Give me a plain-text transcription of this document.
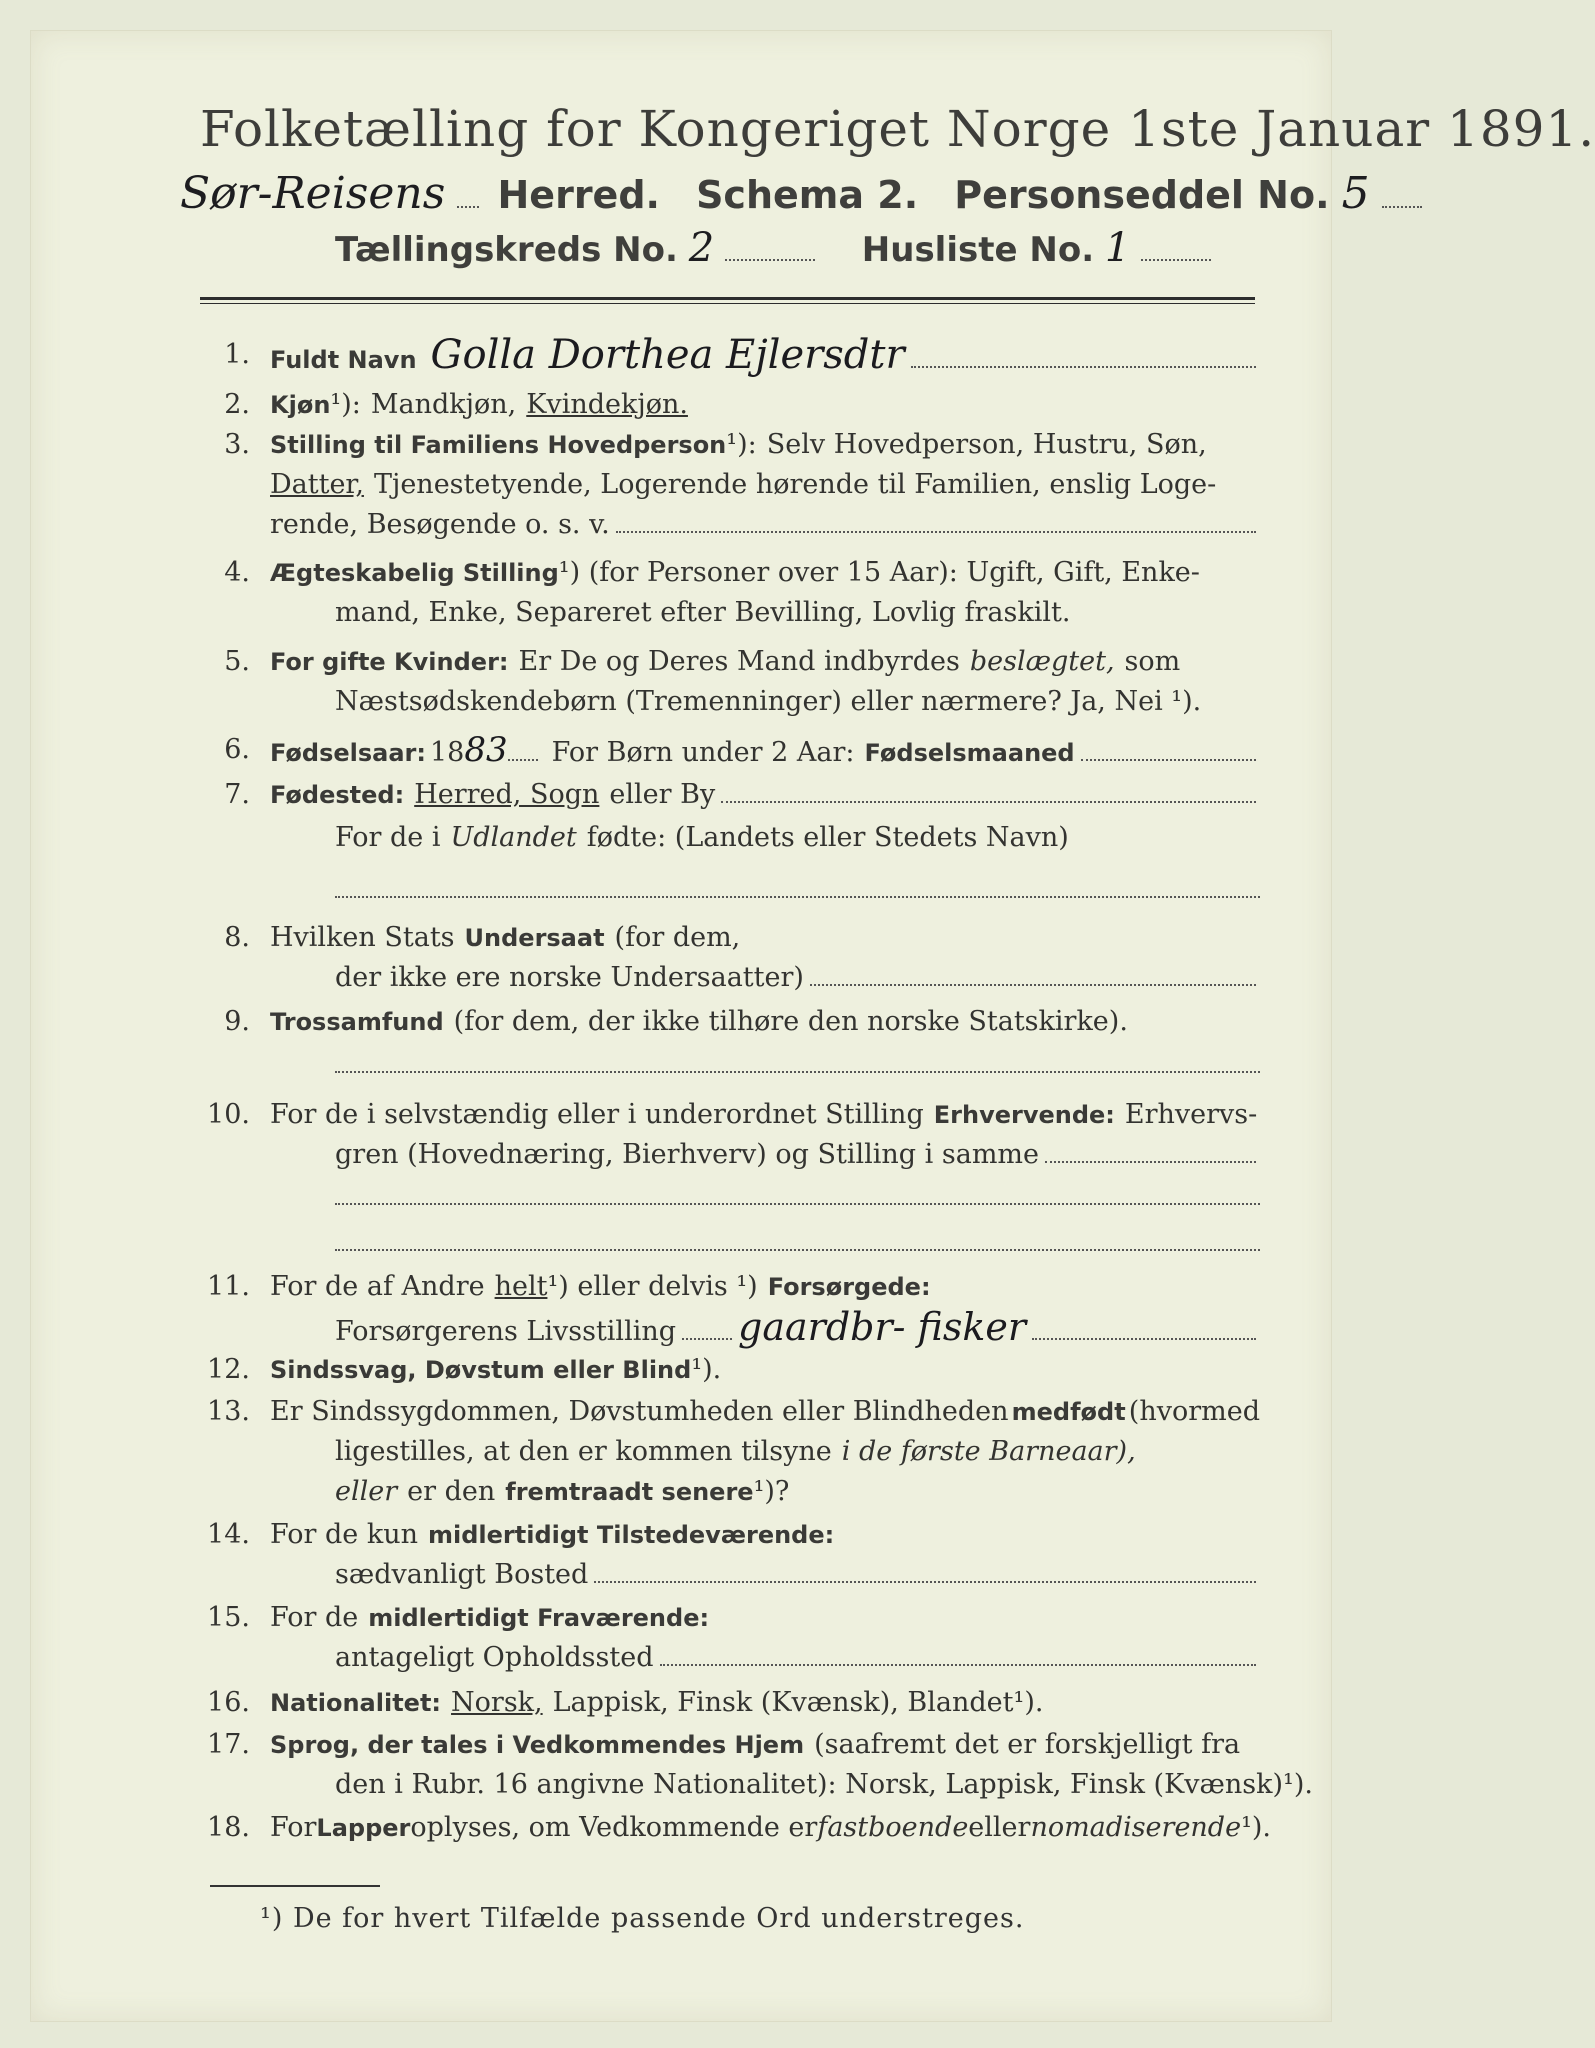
Folketælling for Kongeriget Norge 1ste Januar 1891.
Sør-Reisens Herred. Schema 2. Personseddel No. 5
Tællingskreds No. 2	Husliste No. 1
1. Fuldt Navn Golla Dorthea Ejlersdtr
2. Kjøn ¹): Mandkjøn, Kvindekjøn.
3. Stilling til Familiens Hovedperson ¹): Selv Hovedperson, Hustru, Søn,
Datter, Tjenestetyende, Logerende hørende til Familien, enslig Loge-
rende, Besøgende o. s. v.
4. Ægteskabelig Stilling ¹) (for Personer over 15 Aar): Ugift, Gift, Enke-
mand, Enke, Separeret efter Bevilling, Lovlig fraskilt.
5. For gifte Kvinder: Er De og Deres Mand indbyrdes beslægtet, som
Næstsødskendebørn (Tremenninger) eller nærmere? Ja, Nei ¹).
6. Fødselsaar: 18 83 For Børn under 2 Aar: Fødselsmaaned
7. Fødested: Herred, Sogn eller By
For de i Udlandet fødte: (Landets eller Stedets Navn)
8. Hvilken Stats Undersaat (for dem,
der ikke ere norske Undersaatter)
9. Trossamfund (for dem, der ikke tilhøre den norske Statskirke).
10. For de i selvstændig eller i underordnet Stilling Erhvervende: Erhvervs-
gren (Hovednæring, Bierhverv) og Stilling i samme
11. For de af Andre helt ¹) eller delvis ¹) Forsørgede:
Forsørgerens Livsstilling gaardbr- fisker
12. Sindssvag, Døvstum eller Blind ¹).
13. Er Sindssygdommen, Døvstumheden eller Blindheden medfødt (hvormed
ligestilles, at den er kommen tilsyne i de første Barneaar),
eller er den fremtraadt senere ¹)?
14. For de kun midlertidigt Tilstedeværende:
sædvanligt Bosted
15. For de midlertidigt Fraværende:
antageligt Opholdssted
16. Nationalitet: Norsk, Lappisk, Finsk (Kvænsk), Blandet¹).
17. Sprog, der tales i Vedkommendes Hjem (saafremt det er forskjelligt fra
den i Rubr. 16 angivne Nationalitet): Norsk, Lappisk, Finsk (Kvænsk)¹).
18. For Lapper oplyses, om Vedkommende er fastboende eller nomadiserende ¹).
¹) De for hvert Tilfælde passende Ord understreges.
